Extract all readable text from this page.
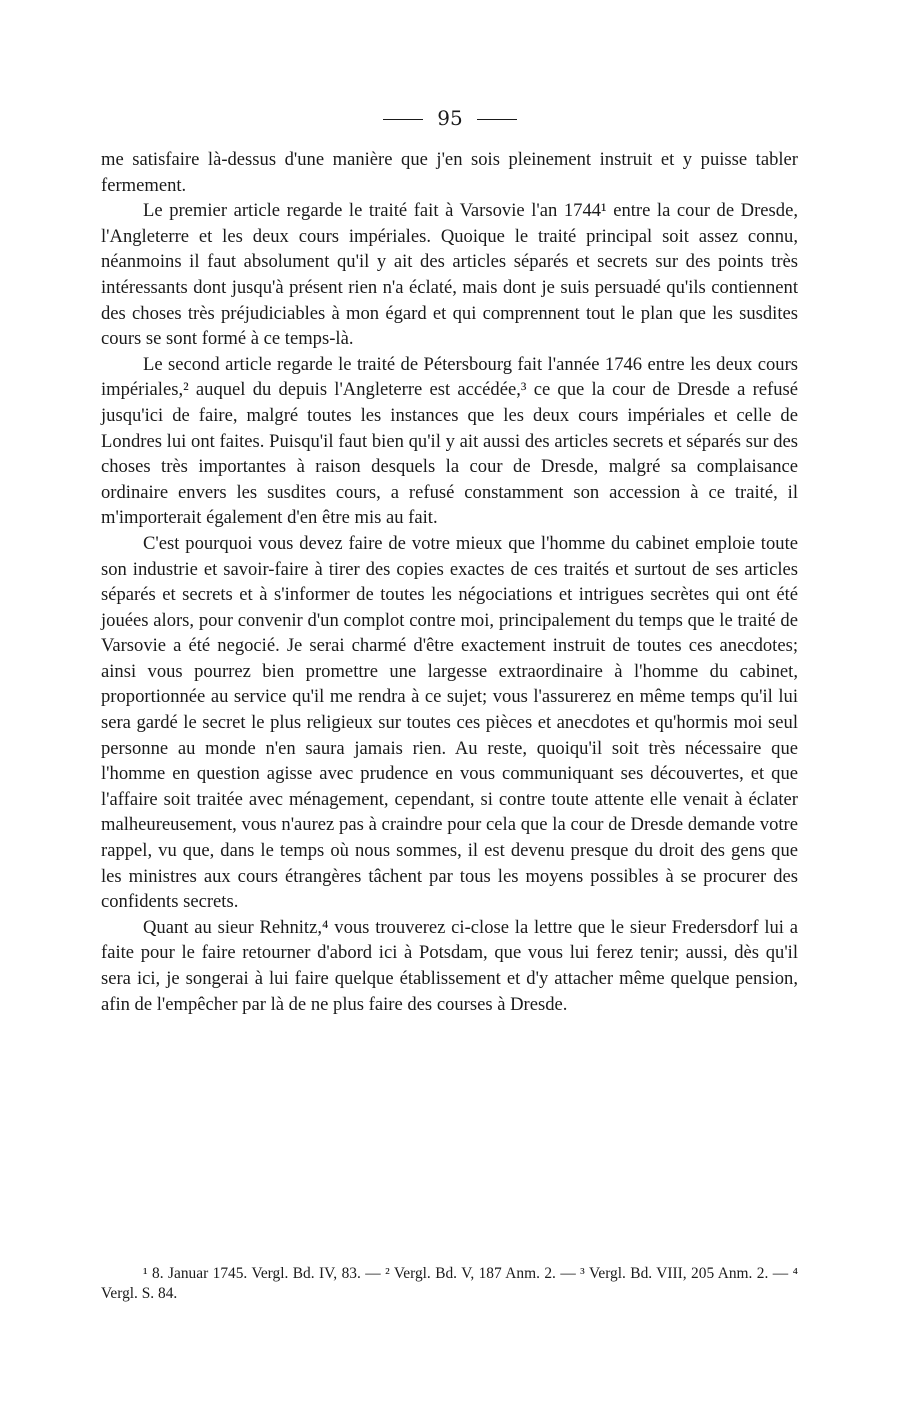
95

me satisfaire là-dessus d'une manière que j'en sois pleinement instruit et y puisse tabler fermement.

Le premier article regarde le traité fait à Varsovie l'an 1744¹ entre la cour de Dresde, l'Angleterre et les deux cours impériales. Quoique le traité principal soit assez connu, néanmoins il faut absolument qu'il y ait des articles séparés et secrets sur des points très intéressants dont jusqu'à présent rien n'a éclaté, mais dont je suis persuadé qu'ils contiennent des choses très préjudiciables à mon égard et qui comprennent tout le plan que les susdites cours se sont formé à ce temps-là.

Le second article regarde le traité de Pétersbourg fait l'année 1746 entre les deux cours impériales,² auquel du depuis l'Angleterre est accédée,³ ce que la cour de Dresde a refusé jusqu'ici de faire, malgré toutes les instances que les deux cours impériales et celle de Londres lui ont faites. Puisqu'il faut bien qu'il y ait aussi des articles secrets et séparés sur des choses très importantes à raison desquels la cour de Dresde, malgré sa complaisance ordinaire envers les susdites cours, a refusé constamment son accession à ce traité, il m'importerait également d'en être mis au fait.

C'est pourquoi vous devez faire de votre mieux que l'homme du cabinet emploie toute son industrie et savoir-faire à tirer des copies exactes de ces traités et surtout de ses articles séparés et secrets et à s'informer de toutes les négociations et intrigues secrètes qui ont été jouées alors, pour convenir d'un complot contre moi, principalement du temps que le traité de Varsovie a été negocié. Je serai charmé d'être exactement instruit de toutes ces anecdotes; ainsi vous pourrez bien promettre une largesse extraordinaire à l'homme du cabinet, proportionnée au service qu'il me rendra à ce sujet; vous l'assurerez en même temps qu'il lui sera gardé le secret le plus religieux sur toutes ces pièces et anecdotes et qu'hormis moi seul personne au monde n'en saura jamais rien. Au reste, quoiqu'il soit très nécessaire que l'homme en question agisse avec prudence en vous communiquant ses découvertes, et que l'affaire soit traitée avec ménagement, cependant, si contre toute attente elle venait à éclater malheureusement, vous n'aurez pas à craindre pour cela que la cour de Dresde demande votre rappel, vu que, dans le temps où nous sommes, il est devenu presque du droit des gens que les ministres aux cours étrangères tâchent par tous les moyens possibles à se procurer des confidents secrets.

Quant au sieur Rehnitz,⁴ vous trouverez ci-close la lettre que le sieur Fredersdorf lui a faite pour le faire retourner d'abord ici à Potsdam, que vous lui ferez tenir; aussi, dès qu'il sera ici, je songerai à lui faire quelque établissement et d'y attacher même quelque pension, afin de l'empêcher par là de ne plus faire des courses à Dresde.

¹ 8. Januar 1745. Vergl. Bd. IV, 83. — ² Vergl. Bd. V, 187 Anm. 2. — ³ Vergl. Bd. VIII, 205 Anm. 2. — ⁴ Vergl. S. 84.
